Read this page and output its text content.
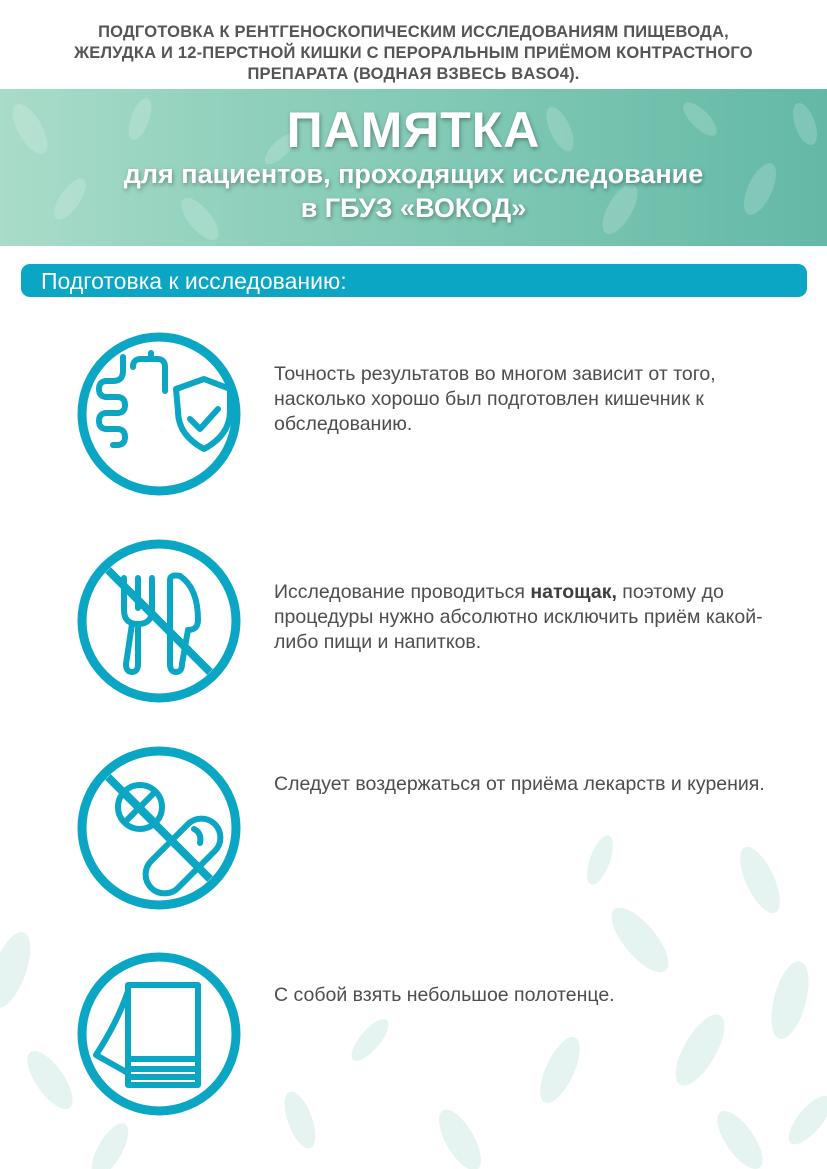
ПОДГОТОВКА К РЕНТГЕНОСКОПИЧЕСКИМ ИССЛЕДОВАНИЯМ ПИЩЕВОДА,
ЖЕЛУДКА И 12-ПЕРСТНОЙ КИШКИ С ПЕРОРАЛЬНЫМ ПРИЁМОМ КОНТРАСТНОГО
ПРЕПАРАТА (ВОДНАЯ ВЗВЕСЬ BASO4).
ПАМЯТКА
для пациентов, проходящих исследование
в ГБУЗ «ВОКОД»
Подготовка к исследованию:
Точность результатов во многом зависит от того, насколько хорошо был подготовлен кишечник к обследованию.
Исследование проводиться натощак, поэтому до процедуры нужно абсолютно исключить приём какой-либо пищи и напитков.
Следует воздержаться от приёма лекарств и курения.
С собой взять небольшое полотенце.
